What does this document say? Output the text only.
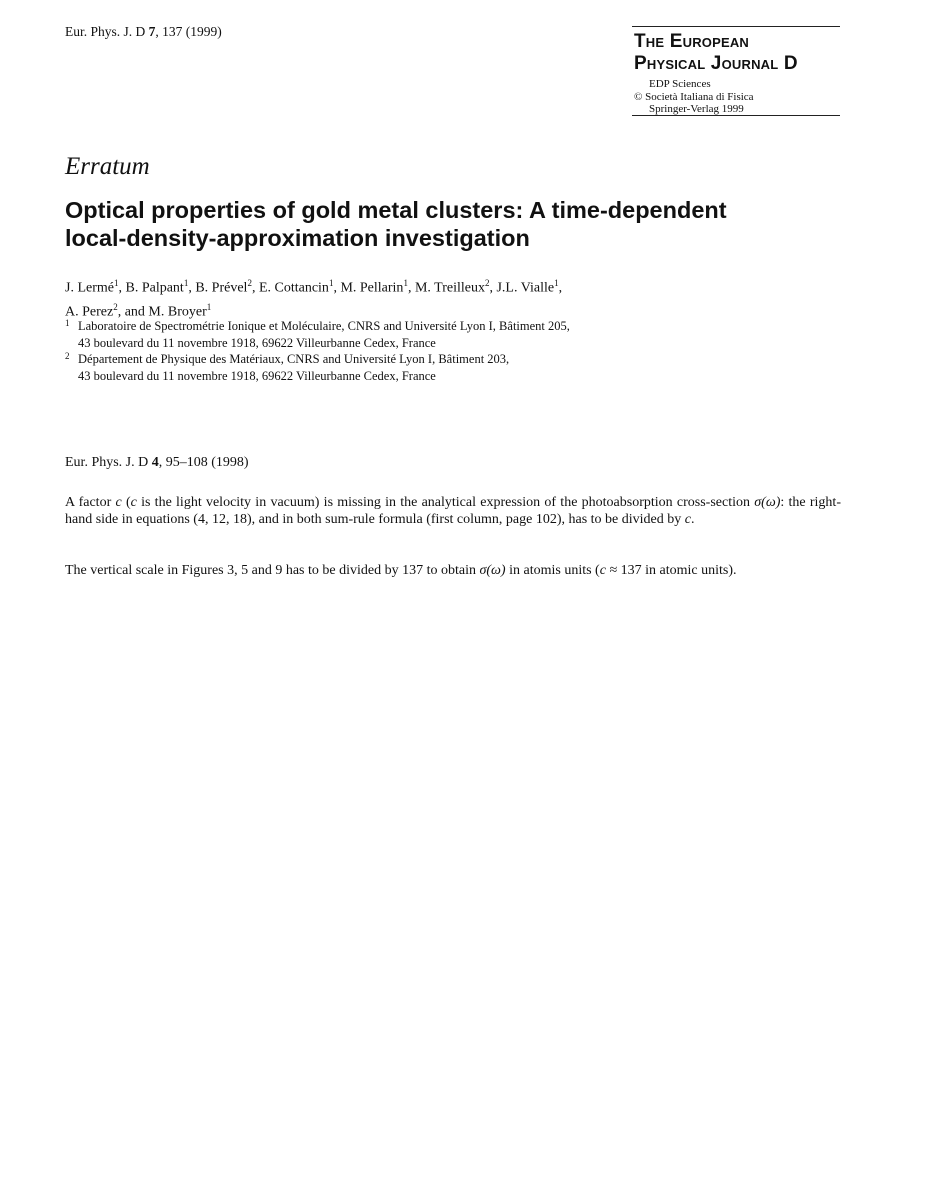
Eur. Phys. J. D 7, 137 (1999)	The European
Physical Journal D
EDP Sciences
© Società Italiana di Fisica
Springer-Verlag 1999
Erratum
Optical properties of gold metal clusters: A time-dependent
local-density-approximation investigation
J. Lermé$^1$, B. Palpant$^1$, B. Prével$^2$, E. Cottancin$^1$, M. Pellarin$^1$, M. Treilleux$^2$, J.L. Vialle$^1$,
A. Perez$^2$, and M. Broyer$^1$
1 Laboratoire de Spectrométrie Ionique et Moléculaire, CNRS and Université Lyon I, Bâtiment 205,
43 boulevard du 11 novembre 1918, 69622 Villeurbanne Cedex, France
2 Département de Physique des Matériaux, CNRS and Université Lyon I, Bâtiment 203,
43 boulevard du 11 novembre 1918, 69622 Villeurbanne Cedex, France
Eur. Phys. J. D 4, 95–108 (1998)
A factor c (c is the light velocity in vacuum) is missing in the analytical expression of the photoabsorption cross-section σ(ω): the right-hand side in equations (4, 12, 18), and in both sum-rule formula (first column, page 102), has to be divided by c.
The vertical scale in Figures 3, 5 and 9 has to be divided by 137 to obtain σ(ω) in atomis units (c ≈ 137 in atomic units).
